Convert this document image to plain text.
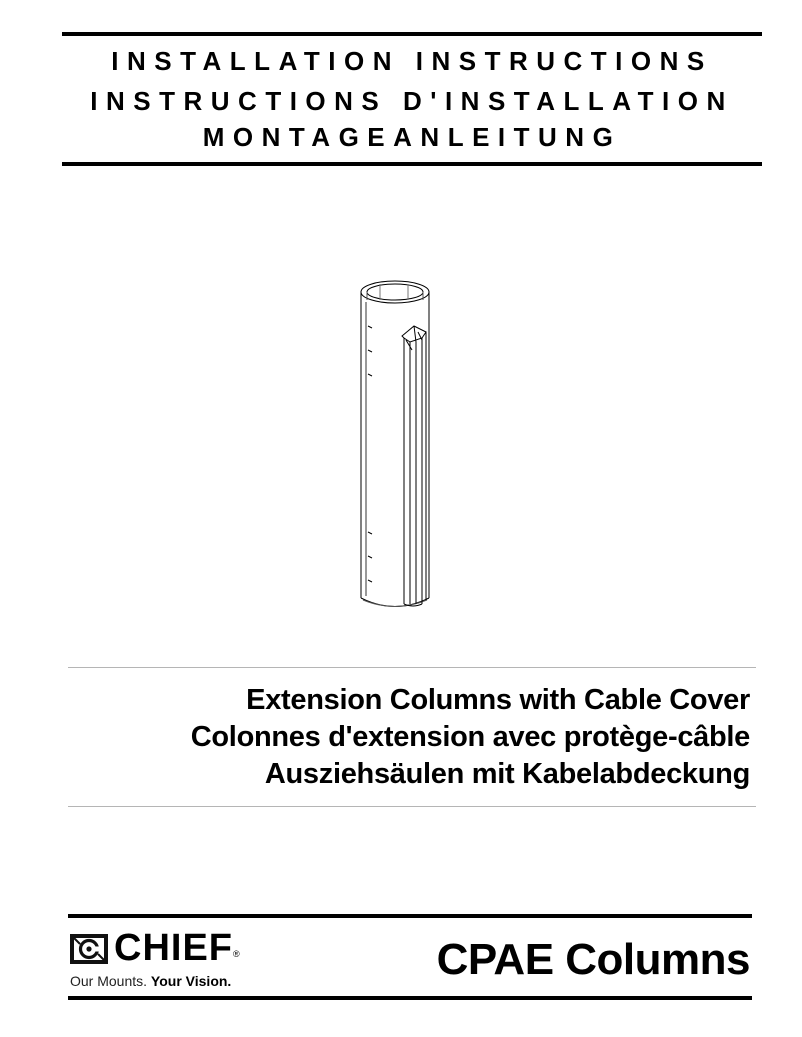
INSTALLATION INSTRUCTIONS
INSTRUCTIONS D'INSTALLATION
MONTAGEANLEITUNG
Extension Columns with Cable Cover
Colonnes d'extension avec protège-câble
Ausziehsäulen mit Kabelabdeckung
CHIEF®
Our Mounts. Your Vision.	CPAE Columns
